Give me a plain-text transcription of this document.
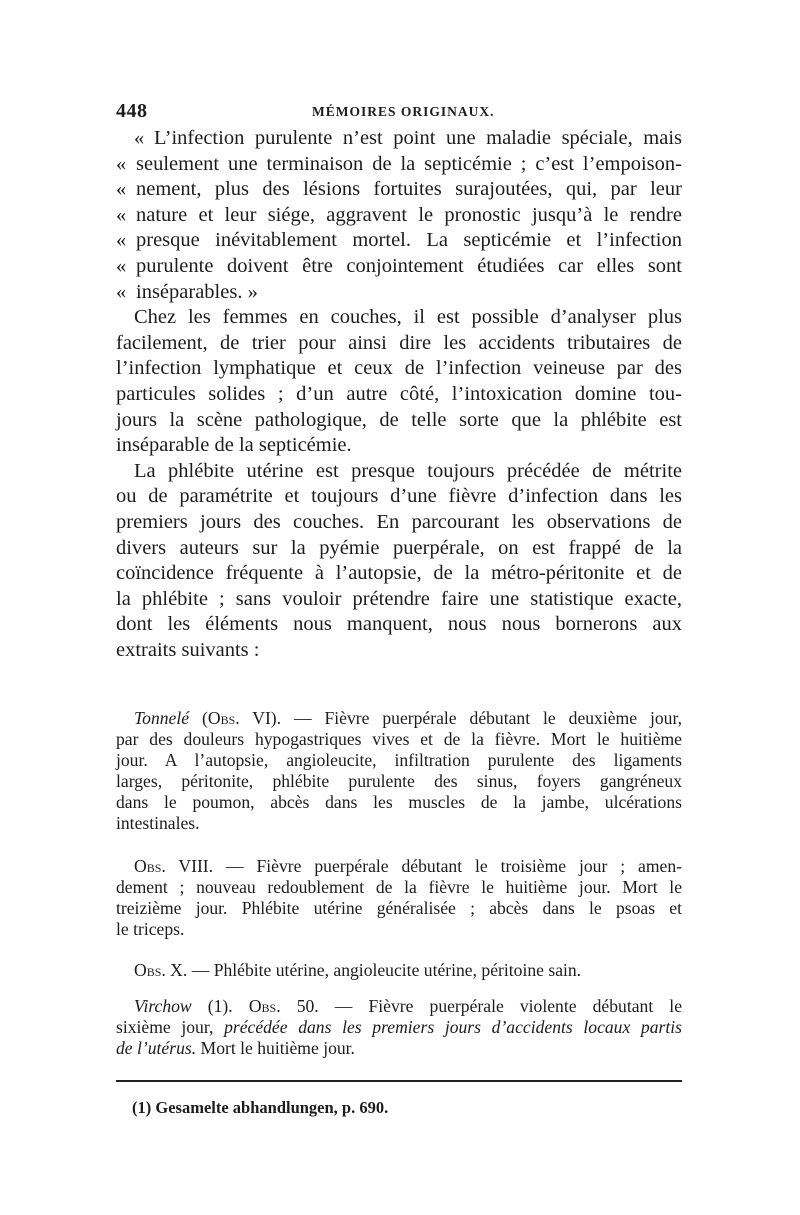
448	MÉMOIRES ORIGINAUX.
« L’infection purulente n’est point une maladie spéciale, mais
« seulement une terminaison de la septicémie ; c’est l’empoison-
« nement, plus des lésions fortuites surajoutées, qui, par leur
« nature et leur siége, aggravent le pronostic jusqu’à le rendre
« presque inévitablement mortel. La septicémie et l’infection
« purulente doivent être conjointement étudiées car elles sont
« inséparables. »
Chez les femmes en couches, il est possible d’analyser plus
facilement, de trier pour ainsi dire les accidents tributaires de
l’infection lymphatique et ceux de l’infection veineuse par des
particules solides ; d’un autre côté, l’intoxication domine tou-
jours la scène pathologique, de telle sorte que la phlébite est
inséparable de la septicémie.
La phlébite utérine est presque toujours précédée de métrite
ou de paramétrite et toujours d’une fièvre d’infection dans les
premiers jours des couches. En parcourant les observations de
divers auteurs sur la pyémie puerpérale, on est frappé de la
coïncidence fréquente à l’autopsie, de la métro-péritonite et de
la phlébite ; sans vouloir prétendre faire une statistique exacte,
dont les éléments nous manquent, nous nous bornerons aux
extraits suivants :
Tonnelé (Obs. VI). — Fièvre puerpérale débutant le deuxième jour,
par des douleurs hypogastriques vives et de la fièvre. Mort le huitième
jour. A l’autopsie, angioleucite, infiltration purulente des ligaments
larges, péritonite, phlébite purulente des sinus, foyers gangréneux
dans le poumon, abcès dans les muscles de la jambe, ulcérations
intestinales.
Obs. VIII. — Fièvre puerpérale débutant le troisième jour ; amen-
dement ; nouveau redoublement de la fièvre le huitième jour. Mort le
treizième jour. Phlébite utérine généralisée ; abcès dans le psoas et
le triceps.
Obs. X. — Phlébite utérine, angioleucite utérine, péritoine sain.
Virchow (1). Obs. 50. — Fièvre puerpérale violente débutant le
sixième jour, précédée dans les premiers jours d’accidents locaux partis
de l’utérus. Mort le huitième jour.
(1) Gesamelte abhandlungen, p. 690.
